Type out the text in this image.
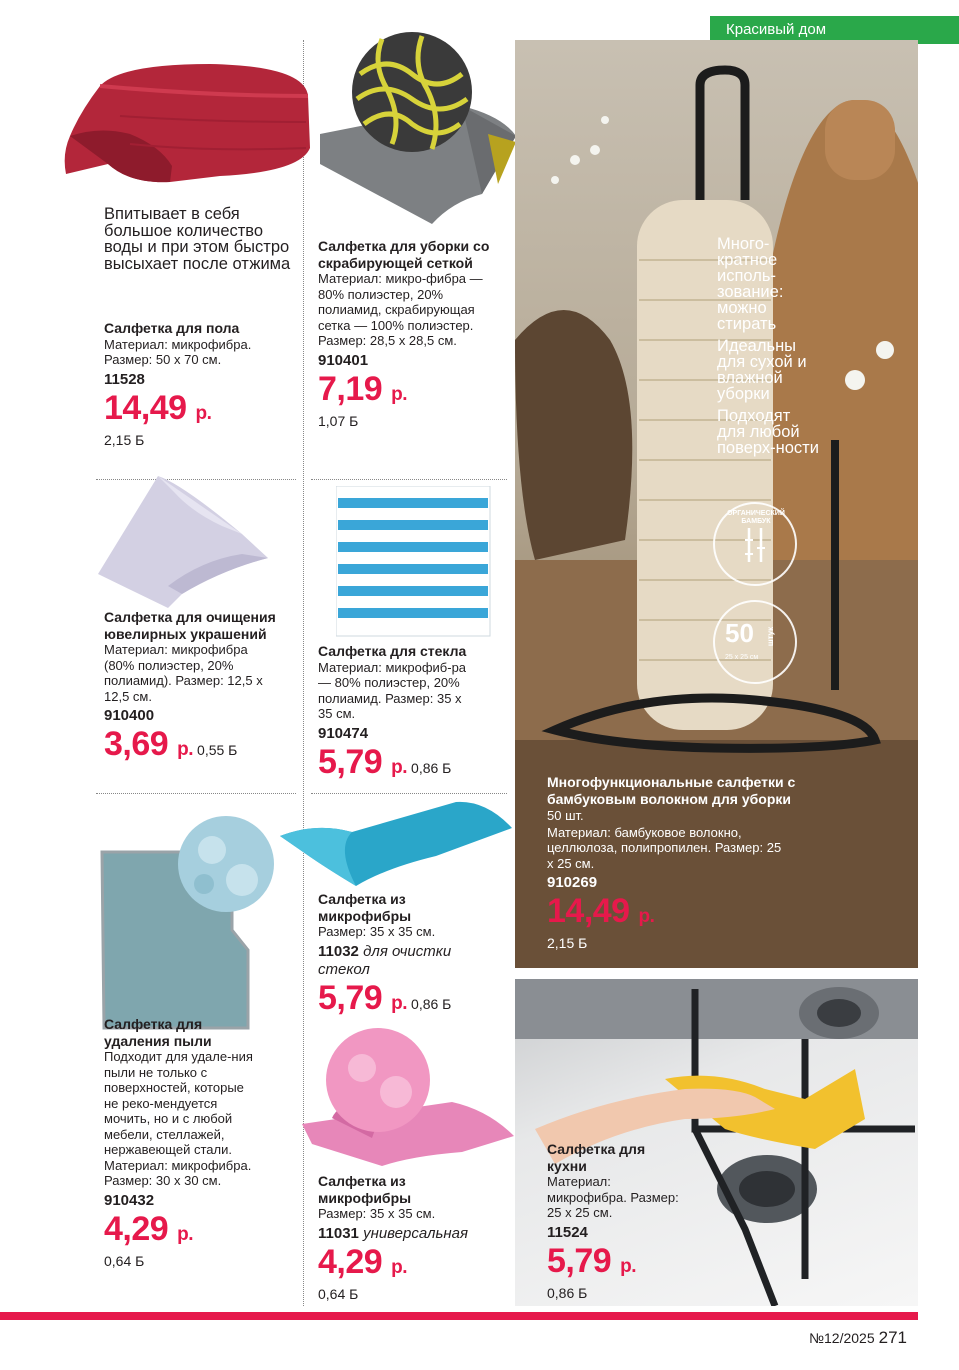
Красивый дом
Впитывает в себя большое количество воды и при этом быстро высыхает после отжима
Салфетка для пола
Материал: микрофибра. Размер: 50 х 70 см.
11528
14,49 р.
2,15 Б
Салфетка для уборки со скрабирующей сеткой
Материал: микро-фибра — 80% полиэстер, 20% полиамид, скрабирующая сетка — 100% полиэстер. Размер: 28,5 х 28,5 см.
910401
7,19 р.
1,07 Б
Салфетка для очищения ювелирных украшений
Материал: микрофибра (80% полиэстер, 20% полиамид). Размер: 12,5 х 12,5 см.
910400
3,69 р. 0,55 Б
Салфетка для стекла
Материал: микрофиб-ра — 80% полиэстер, 20% полиамид. Размер: 35 х 35 см.
910474
5,79 р. 0,86 Б
Салфетка для удаления пыли
Подходит для удале-ния пыли не только с поверхностей, которые не реко-мендуется мочить, но и с любой мебели, стеллажей, нержавеющей стали. Материал: микрофибра. Размер: 30 х 30 см.
910432
4,29 р.
0,64 Б
Салфетка из микрофибры
Размер: 35 х 35 см.
11032 для очистки стекол
5,79 р. 0,86 Б
Салфетка из микрофибры
Размер: 35 х 35 см.
11031 универсальная
4,29 р.
0,64 Б
Много-кратное исполь-зование: можно стирать
Идеальны для сухой и влажной уборки
Подходят для любой поверх-ности
ОРГАНИЧЕСКИЙ БАМБУК
50 штук
25 х 25 см
Многофункциональные салфетки с бамбуковым волокном для уборки 50 шт.
Материал: бамбуковое волокно, целлюлоза, полипропилен. Размер: 25 х 25 см.
910269
14,49 р.
2,15 Б
Салфетка для кухни
Материал: микрофибра. Размер: 25 х 25 см.
11524
5,79 р.
0,86 Б
№12/2025 271
